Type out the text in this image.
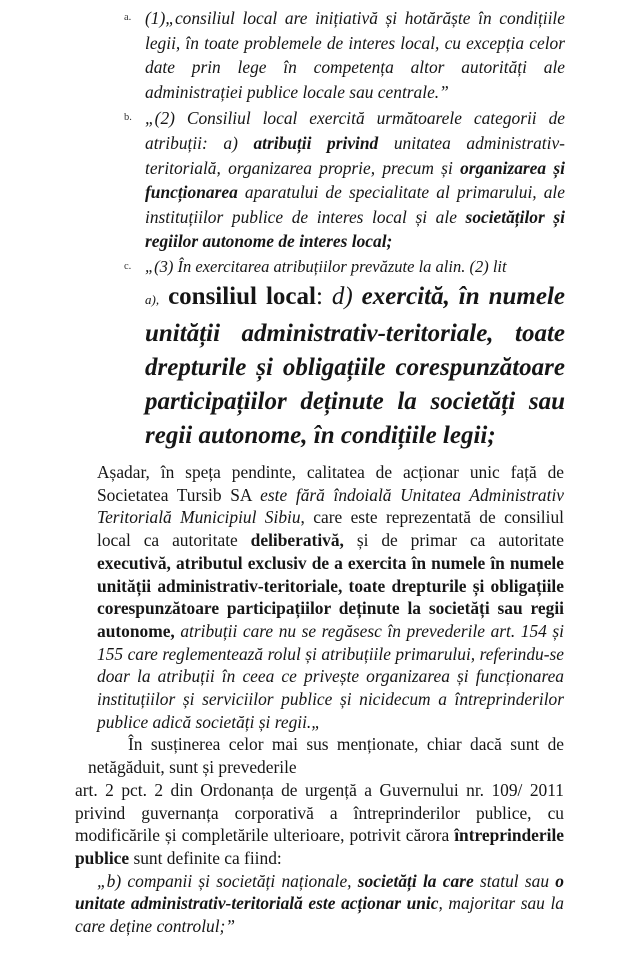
a. (1)„consiliul local are inițiativă și hotărăște în condițiile legii, în toate problemele de interes local, cu excepția celor date prin lege în competența altor autorități ale administrației publice locale sau centrale.”

b. „(2) Consiliul local exercită următoarele categorii de atribuții: a) atribuții privind unitatea administrativ-teritorială, organizarea proprie, precum și organizarea și funcționarea aparatului de specialitate al primarului, ale instituțiilor publice de interes local și ale societăților și regiilor autonome de interes local;

c. „(3) În exercitarea atribuțiilor prevăzute la alin. (2) lit

a), consiliul local: d) exercită, în numele unității administrativ-teritoriale, toate drepturile și obligațiile corespunzătoare participațiilor deținute la societăți sau regii autonome, în condițiile legii;

Așadar, în speța pendinte, calitatea de acționar unic față de Societatea Tursib SA este fără îndoială Unitatea Administrativ Teritorială Municipiul Sibiu, care este reprezentată de consiliul local ca autoritate deliberativă, și de primar ca autoritate executivă, atributul exclusiv de a exercita în numele în numele unității administrativ-teritoriale, toate drepturile și obligațiile corespunzătoare participațiilor deținute la societăți sau regii autonome, atribuții care nu se regăsesc în prevederile art. 154 și 155 care reglementează rolul și atribuțiile primarului, referindu-se doar la atribuții în ceea ce privește organizarea și funcționarea instituțiilor și serviciilor publice și nicidecum a întreprinderilor publice adică societăți și regii.„

În susținerea celor mai sus menționate, chiar dacă sunt de netăgăduit, sunt și prevederile

art. 2 pct. 2 din Ordonanța de urgență a Guvernului nr. 109/ 2011 privind guvernanța corporativă a întreprinderilor publice, cu modificările și completările ulterioare, potrivit cărora întreprinderile publice sunt definite ca fiind:

„b) companii și societăți naționale, societăți la care statul sau o unitate administrativ-teritorială este acționar unic, majoritar sau la care deține controlul;”
